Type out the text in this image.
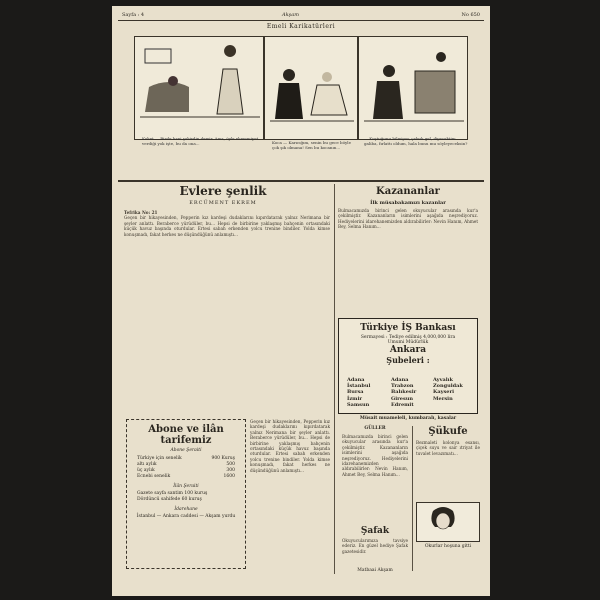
Sayfa : 4	Akşam	No 650
Emeli Karikatürleri
Koket — Bizde hani şakirdin demir. Ama, öyle ehemmiyet verdiği yok işte, bu da ona...	Koca — Karıcığım, senin bu gece böyle çok şık olmana! Sen bu kocanın...
— Koştuğunu bilmiyor, çabuk gel, diyecektim galiba, fırlattı oldum, hala bunu mu söyleyeceksin?
Evlere şenlik
ERCÜMENT EKREM
Tefrika No: 21
Geçen bir hikayesinden, Pepperin kız kardeşi dudaklarını kıpırdatarak yalnız Nerimana bir şeyler anlattı. Beraberce yürüdüler, bu... Hepsi de birbirine yaklaşmış bahçenin ortasındaki küçük havuz başında oturdular. Ertesi sabah erkenden yolcu trenine bindiler. Yolda kimse konuşmadı, fakat herkes ne düşündüğünü anlamıştı...
Abone ve ilân tarifemiz
Abone Şeraiti
Türkiye için senelik	900 Kuruş
altı aylık	500
üç aylık	300
Ecnebi senelik	1600
İlân Şeraiti
Gazete sayfa santim 100 kuruş
Dördüncü sahifede 60 kuruş
İdarehane
İstanbul — Ankara caddesi — Akşam yurdu
Geçen bir hikayesinden, Pepperin kız kardeşi dudaklarını kıpırdatarak yalnız Nerimana bir şeyler anlattı. Beraberce yürüdüler, bu... Hepsi de birbirine yaklaşmış bahçenin ortasındaki küçük havuz başında oturdular. Ertesi sabah erkenden yolcu trenine bindiler. Yolda kimse konuşmadı, fakat herkes ne düşündüğünü anlamıştı...
Kazananlar
İlk müsabakamızı kazanlar
Bulmacamızda birinci gelen okuyucular arasında kur'a çekilmiştir. Kazananların isimlerini aşağıda neşrediyoruz. Hediyelerini idarehanemizden aldırabilirler: Nevin Hanım, Ahmet Bey, Selma Hanım...
Türkiye İŞ Bankası
Sermayesi : Tediye edilmiş 4,000,000 lira
Umumi Müdürlük
Ankara
Şubeleri :
Adana
İstanbul
Bursa
İzmir
Samsun
Adana
Trabzon
Balıkesir
Giresun
Edremit
Ayvalık
Zonguldak
Kayseri
Mersin
Müsait muameleli, kumbaralı, kasalar
GÜLLER
Bulmacamızda birinci gelen okuyucular arasında kur'a çekilmiştir. Kazananların isimlerini aşağıda neşrediyoruz. Hediyelerini idarehanemizden aldırabilirler: Nevin Hanım, Ahmet Bey, Selma Hanım...
Şafak
Okuyucularımıza tavsiye ederiz. En güzel hediye Şafak gazetesidir.
Matbaai Akşam
Şükufe
Bezmaleti kolonya esansı, çiçek suyu ve sair ıtriyat ile tuvalet levazımatı...
Okurlar hoşuna gitti
